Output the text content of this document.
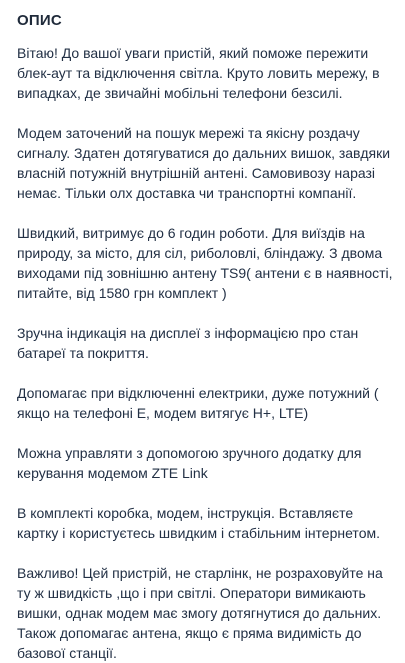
ОПИС

Вітаю! До вашої уваги пристій, який поможе пережити блек-аут та відключення світла. Круто ловить мережу, в випадках, де звичайні мобільні телефони безсилі.

Модем заточений на пошук мережі та якісну роздачу сигналу. Здатен дотягуватися до дальних вишок, завдяки власній потужній внутрішній антені. Самовивозу наразі немає. Тільки олх доставка чи транспортні компанії.

Швидкий, витримує до 6 годин роботи. Для виїздів на природу, за місто, для сіл, риболовлі, бліндажу. З двома виходами під зовнішню антену TS9( антени є в наявності, питайте, від 1580 грн комплект )

Зручна індикація на дисплеї з інформацією про стан батареї та покриття.

Допомагає при відключенні електрики, дуже потужний ( якщо на телефоні Е, модем витягує Н+, LTE)

Можна управляти з допомогою зручного додатку для керування модемом ZTE Link

В комплекті коробка, модем, інструкція. Вставляєте картку і користуєтесь швидким і стабільним інтернетом.

Важливо! Цей пристрій, не старлінк, не розраховуйте на ту ж швидкість ,що і при світлі. Оператори вимикають вишки, однак модем має змогу дотягнутися до дальних. Також допомагає антена, якщо є пряма видимість до базової станції.
